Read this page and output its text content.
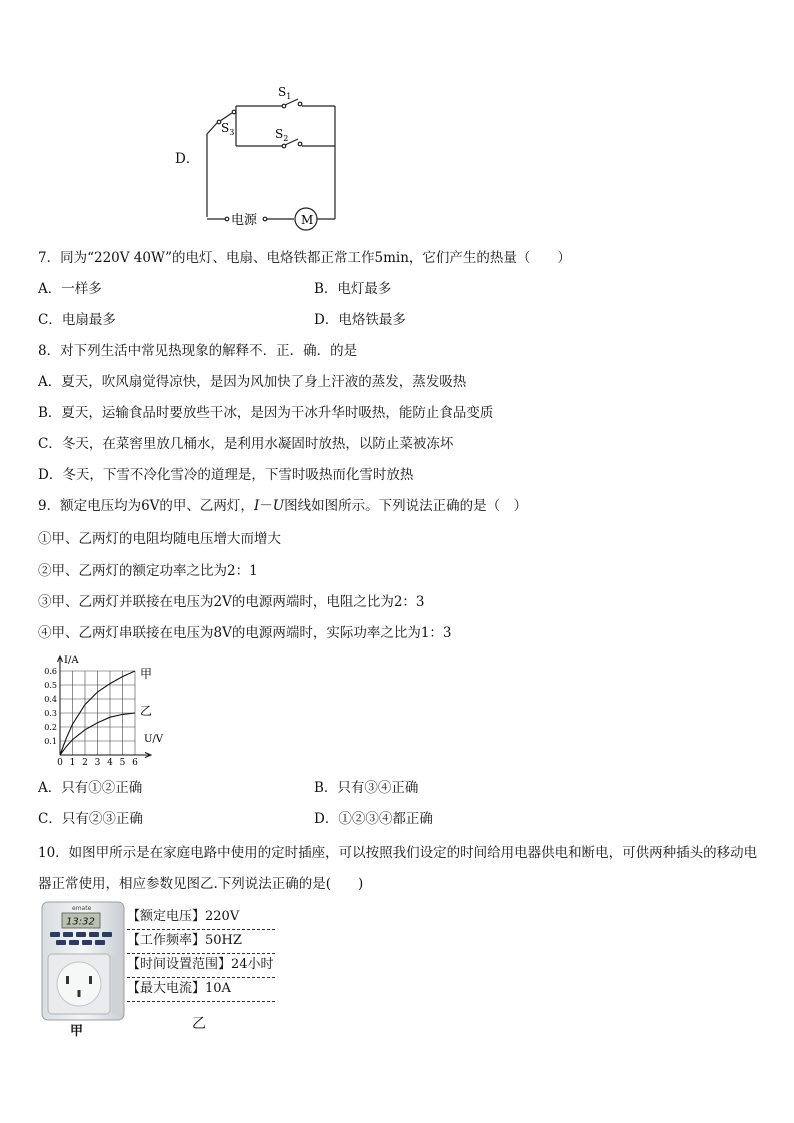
D．
$S_1$
$S_2$
$S_3$
电源	M
7．同为“220V 40W”的电灯、电扇、电烙铁都正常工作5min，它们产生的热量（　　）
A．一样多	B．电灯最多
C．电扇最多	D．电烙铁最多
8．对下列生活中常见热现象的解释不．正．确．的是
A．夏天，吹风扇觉得凉快，是因为风加快了身上汗液的蒸发，蒸发吸热
B．夏天，运输食品时要放些干冰，是因为干冰升华时吸热，能防止食品变质
C．冬天，在菜窖里放几桶水，是利用水凝固时放热，以防止菜被冻坏
D．冬天，下雪不冷化雪冷的道理是，下雪时吸热而化雪时放热
9．额定电压均为6V的甲、乙两灯，I－U图线如图所示。下列说法正确的是（　）
①甲、乙两灯的电阻均随电压增大而增大
②甲、乙两灯的额定功率之比为2：1
③甲、乙两灯并联接在电压为2V的电源两端时，电阻之比为2：3
④甲、乙两灯串联接在电压为8V的电源两端时，实际功率之比为1：3
0 1 2 3 4 5 6
0.1
0.2
0.3
0.4
0.5
0.6
I/A
U/V
甲
乙
A．只有①②正确	B．只有③④正确
C．只有②③正确	D．①②③④都正确
10．如图甲所示是在家庭电路中使用的定时插座，可以按照我们设定的时间给用电器供电和断电，可供两种插头的移动电器正常使用，相应参数见图乙.下列说法正确的是(　　)
emate
13:32
甲
【额定电压】220V
【工作频率】50HZ
【时间设置范围】24小时
【最大电流】10A
乙
